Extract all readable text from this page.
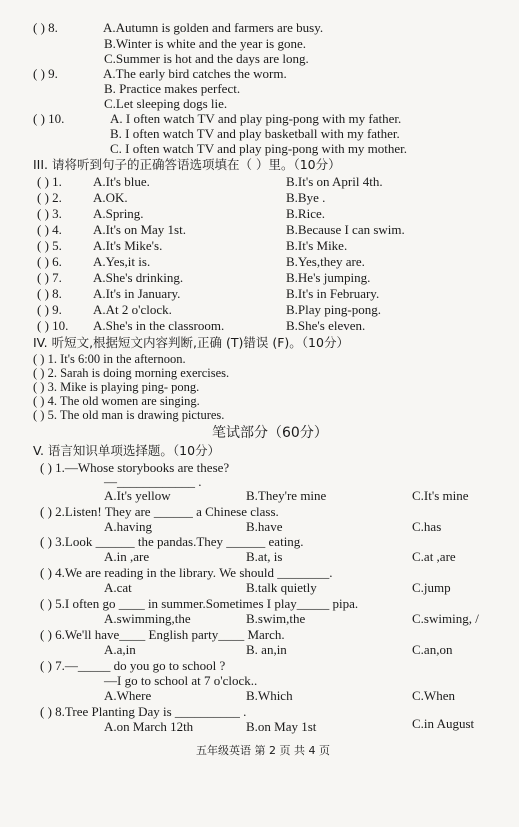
( ) 8.	A.Autumn is golden and farmers are busy.
B.Winter is white and the year is gone.
C.Summer is hot and the days are long.
( ) 9.	A.The early bird catches the worm.
B. Practice makes perfect.
C.Let sleeping dogs lie.
( ) 10.	A. I often watch TV and play ping-pong with my father.
B. I often watch TV and play basketball with my father.
C. I often watch TV and play ping-pong with my mother.
III. 请将听到句子的正确答语选项填在（ ）里。（10分）
( ) 1. A.It's blue.	B.It's on April 4th.
( ) 2. A.OK.	B.Bye .
( ) 3. A.Spring.	B.Rice.
( ) 4. A.It's on May 1st.	B.Because I can swim.
( ) 5. A.It's Mike's.	B.It's Mike.
( ) 6. A.Yes,it is.	B.Yes,they are.
( ) 7. A.She's drinking.	B.He's jumping.
( ) 8. A.It's in January.	B.It's in February.
( ) 9. A.At 2 o'clock.	B.Play ping-pong.
( ) 10. A.She's in the classroom.	B.She's eleven.
IV. 听短文,根据短文内容判断,正确 (T)错误 (F)。（10分）
( ) 1. It's 6:00 in the afternoon.
( ) 2. Sarah is doing morning exercises.
( ) 3. Mike is playing ping- pong.
( ) 4. The old women are singing.
( ) 5. The old man is drawing pictures.
笔试部分（60分）
V. 语言知识单项选择题。（10分）
( ) 1.—Whose storybooks are these?
—____________ .
A.It's yellow	B.They're mine	C.It's mine
( ) 2.Listen! They are ______ a Chinese class.
A.having	B.have	C.has
( ) 3.Look ______ the pandas.They ______ eating.
A.in ,are	B.at, is	C.at ,are
( ) 4.We are reading in the library. We should ________.
A.cat	B.talk quietly	C.jump
( ) 5.I often go ____ in summer.Sometimes I play_____ pipa.
A.swimming,the	B.swim,the	C.swiming, /
( ) 6.We'll have____ English party____ March.
A.a,in	B. an,in	C.an,on
( ) 7.—_____ do you go to school ?
—I go to school at 7 o'clock..
A.Where	B.Which	C.When
( ) 8.Tree Planting Day is __________ .
A.on March 12th	B.on May 1st	C.in August
五年级英语 第 2 页 共 4 页
